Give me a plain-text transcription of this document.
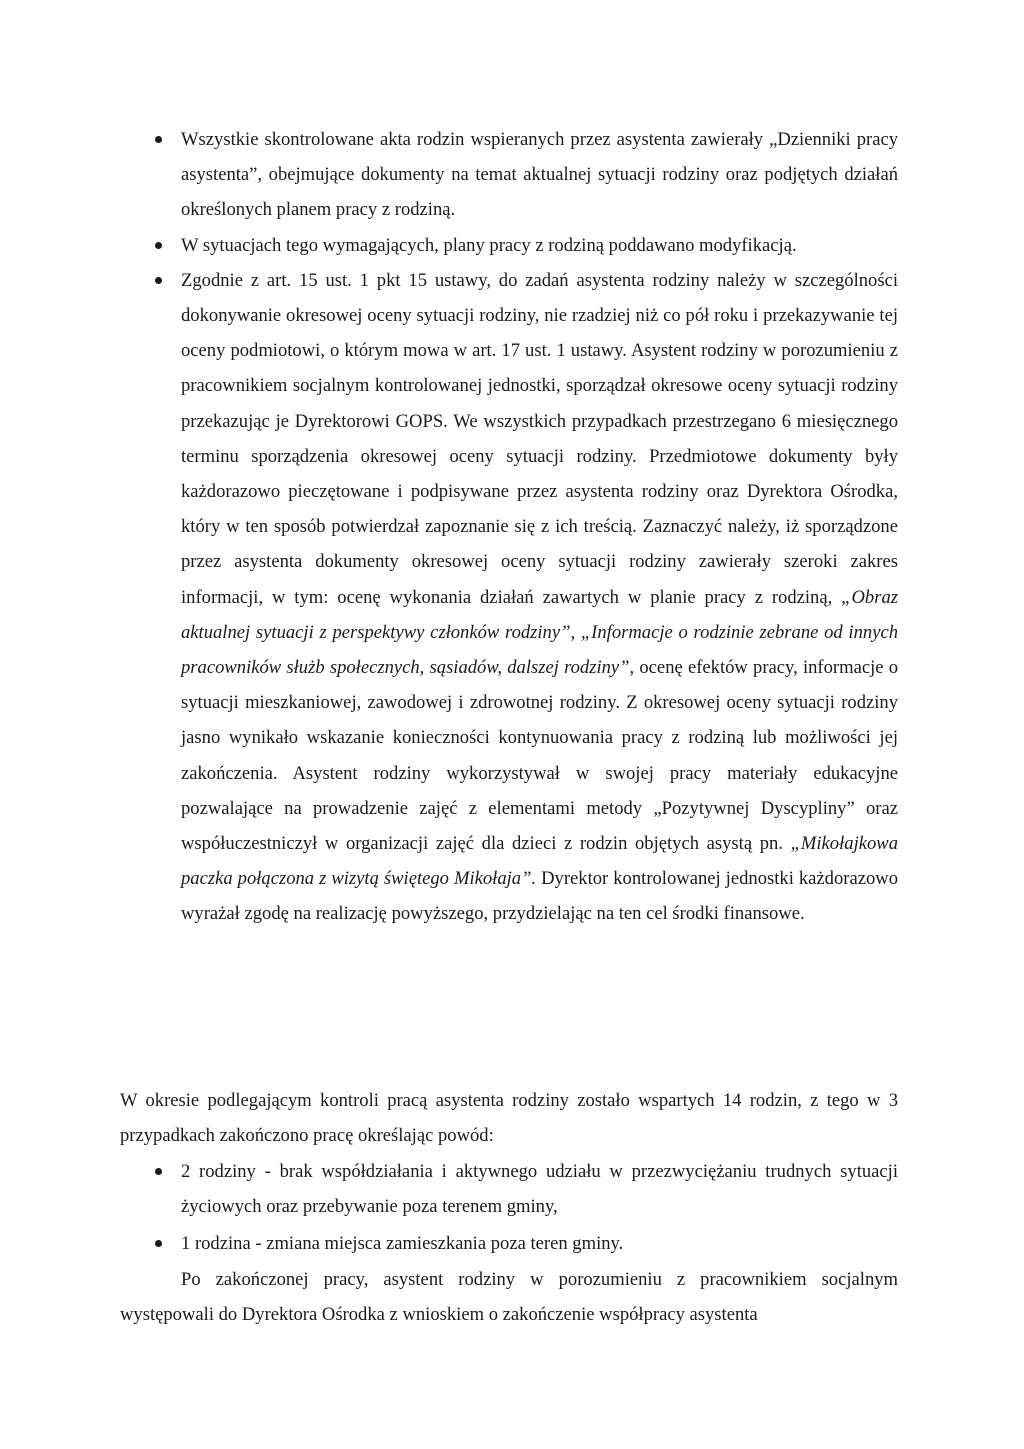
Wszystkie skontrolowane akta rodzin wspieranych przez asystenta zawierały „Dzienniki pracy asystenta”, obejmujące dokumenty na temat aktualnej sytuacji rodziny oraz podjętych działań określonych planem pracy z rodziną.
W sytuacjach tego wymagających, plany pracy z rodziną poddawano modyfikacją.
Zgodnie z art. 15 ust. 1 pkt 15 ustawy, do zadań asystenta rodziny należy w szczególności dokonywanie okresowej oceny sytuacji rodziny, nie rzadziej niż co pół roku i przekazywanie tej oceny podmiotowi, o którym mowa w art. 17 ust. 1 ustawy. Asystent rodziny w porozumieniu z pracownikiem socjalnym kontrolowanej jednostki, sporządzał okresowe oceny sytuacji rodziny przekazując je Dyrektorowi GOPS. We wszystkich przypadkach przestrzegano 6 miesięcznego terminu sporządzenia okresowej oceny sytuacji rodziny. Przedmiotowe dokumenty były każdorazowo pieczętowane i podpisywane przez asystenta rodziny oraz Dyrektora Ośrodka, który w ten sposób potwierdzał zapoznanie się z ich treścią. Zaznaczyć należy, iż sporządzone przez asystenta dokumenty okresowej oceny sytuacji rodziny zawierały szeroki zakres informacji, w tym: ocenę wykonania działań zawartych w planie pracy z rodziną, „Obraz aktualnej sytuacji z perspektywy członków rodziny”, „Informacje o rodzinie zebrane od innych pracowników służb społecznych, sąsiadów, dalszej rodziny”, ocenę efektów pracy, informacje o sytuacji mieszkaniowej, zawodowej i zdrowotnej rodziny. Z okresowej oceny sytuacji rodziny jasno wynikało wskazanie konieczności kontynuowania pracy z rodziną lub możliwości jej zakończenia. Asystent rodziny wykorzystywał w swojej pracy materiały edukacyjne pozwalające na prowadzenie zajęć z elementami metody „Pozytywnej Dyscypliny” oraz współuczestniczył w organizacji zajęć dla dzieci z rodzin objętych asystą pn. „Mikołajkowa paczka połączona z wizytą świętego Mikołaja”. Dyrektor kontrolowanej jednostki każdorazowo wyrażał zgodę na realizację powyższego, przydzielając na ten cel środki finansowe.

W okresie podlegającym kontroli pracą asystenta rodziny zostało wspartych 14 rodzin, z tego w 3 przypadkach zakończono pracę określając powód:

2 rodziny - brak współdziałania i aktywnego udziału w przezwyciężaniu trudnych sytuacji życiowych oraz przebywanie poza terenem gminy,
1 rodzina - zmiana miejsca zamieszkania poza teren gminy.

Po zakończonej pracy, asystent rodziny w porozumieniu z pracownikiem socjalnym występowali do Dyrektora Ośrodka z wnioskiem o zakończenie współpracy asystenta
